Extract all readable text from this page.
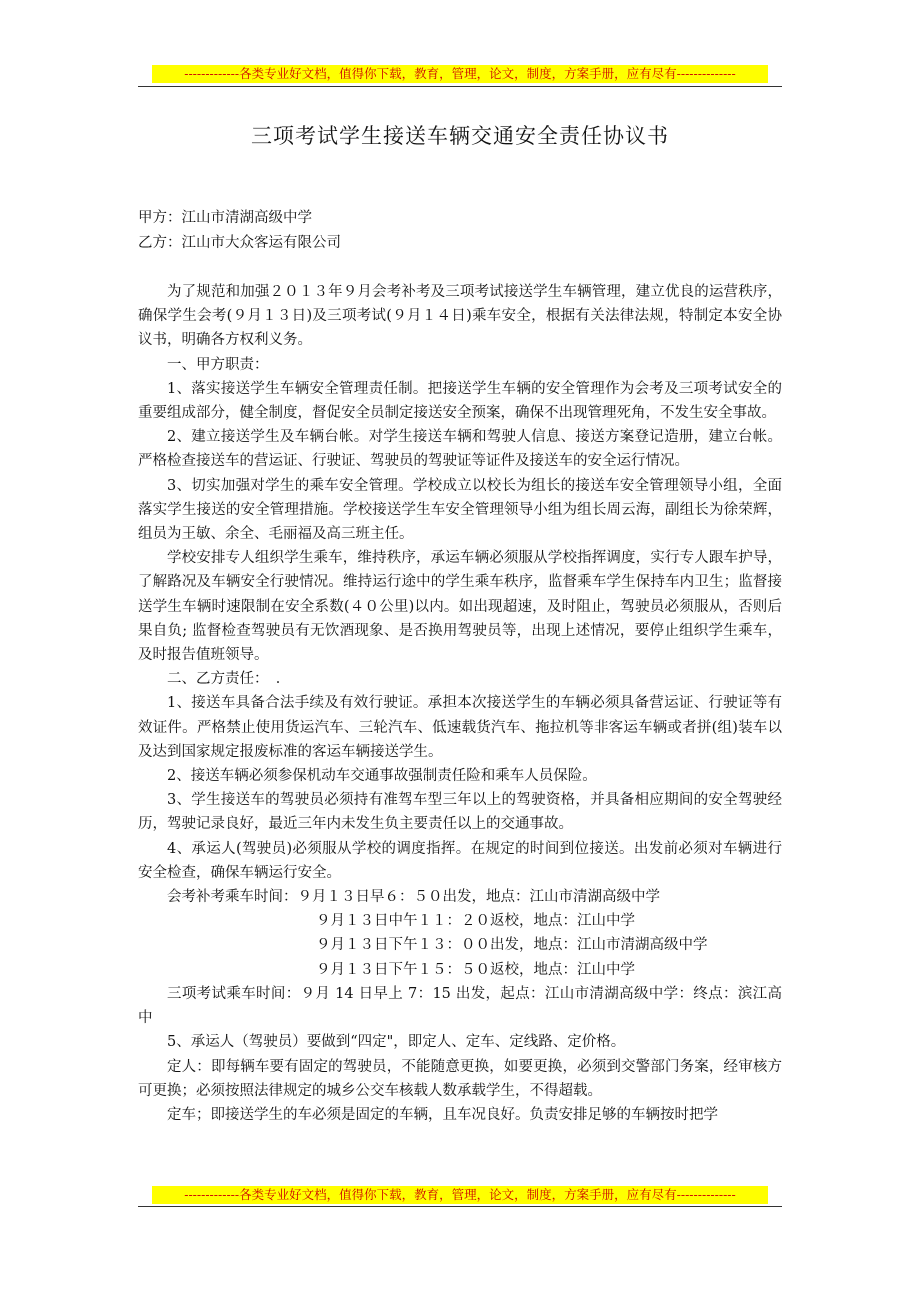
-------------各类专业好文档，值得你下载，教育，管理，论文，制度，方案手册，应有尽有--------------
三项考试学生接送车辆交通安全责任协议书
甲方：江山市清湖高级中学
乙方：江山市大众客运有限公司
为了规范和加强２０１３年９月会考补考及三项考试接送学生车辆管理，建立优良的运营秩序，确保学生会考(９月１３日)及三项考试(９月１４日)乘车安全，根据有关法律法规，特制定本安全协议书，明确各方权利义务。
一、甲方职责：
1、落实接送学生车辆安全管理责任制。把接送学生车辆的安全管理作为会考及三项考试安全的重要组成部分，健全制度，督促安全员制定接送安全预案，确保不出现管理死角，不发生安全事故。
2、建立接送学生及车辆台帐。对学生接送车辆和驾驶人信息、接送方案登记造册，建立台帐。严格检查接送车的营运证、行驶证、驾驶员的驾驶证等证件及接送车的安全运行情况。
3、切实加强对学生的乘车安全管理。学校成立以校长为组长的接送车安全管理领导小组，全面落实学生接送的安全管理措施。学校接送学生车安全管理领导小组为组长周云海，副组长为徐荣辉，组员为王敏、余全、毛丽福及高三班主任。
学校安排专人组织学生乘车，维持秩序，承运车辆必须服从学校指挥调度，实行专人跟车护导，了解路况及车辆安全行驶情况。维持运行途中的学生乘车秩序，监督乘车学生保持车内卫生；监督接送学生车辆时速限制在安全系数(４０公里)以内。如出现超速，及时阻止，驾驶员必须服从，否则后果自负; 监督检查驾驶员有无饮酒现象、是否换用驾驶员等，出现上述情况，要停止组织学生乘车，及时报告值班领导。
二、乙方责任：　．
1、接送车具备合法手续及有效行驶证。承担本次接送学生的车辆必须具备营运证、行驶证等有效证件。严格禁止使用货运汽车、三轮汽车、低速载货汽车、拖拉机等非客运车辆或者拼(组)装车以及达到国家规定报废标准的客运车辆接送学生。
2、接送车辆必须参保机动车交通事故强制责任险和乘车人员保险。
3、学生接送车的驾驶员必须持有准驾车型三年以上的驾驶资格，并具备相应期间的安全驾驶经历，驾驶记录良好，最近三年内未发生负主要责任以上的交通事故。
4、承运人(驾驶员)必须服从学校的调度指挥。在规定的时间到位接送。出发前必须对车辆进行安全检查，确保车辆运行安全。
会考补考乘车时间：９月１３日早６：５０出发，地点：江山市清湖高级中学
９月１３日中午１１：２０返校，地点：江山中学
９月１３日下午１３：００出发，地点：江山市清湖高级中学
９月１３日下午１５：５０返校，地点：江山中学
三项考试乘车时间：９月 14 日早上 7：15 出发，起点：江山市清湖高级中学：终点：滨江高中
5、承运人（驾驶员）要做到“四定"，即定人、定车、定线路、定价格。
定人：即每辆车要有固定的驾驶员，不能随意更换，如要更换，必须到交警部门务案，经审核方可更换；必须按照法律规定的城乡公交车核载人数承载学生，不得超载。
定车；即接送学生的车必须是固定的车辆，且车况良好。负责安排足够的车辆按时把学
-------------各类专业好文档，值得你下载，教育，管理，论文，制度，方案手册，应有尽有--------------
